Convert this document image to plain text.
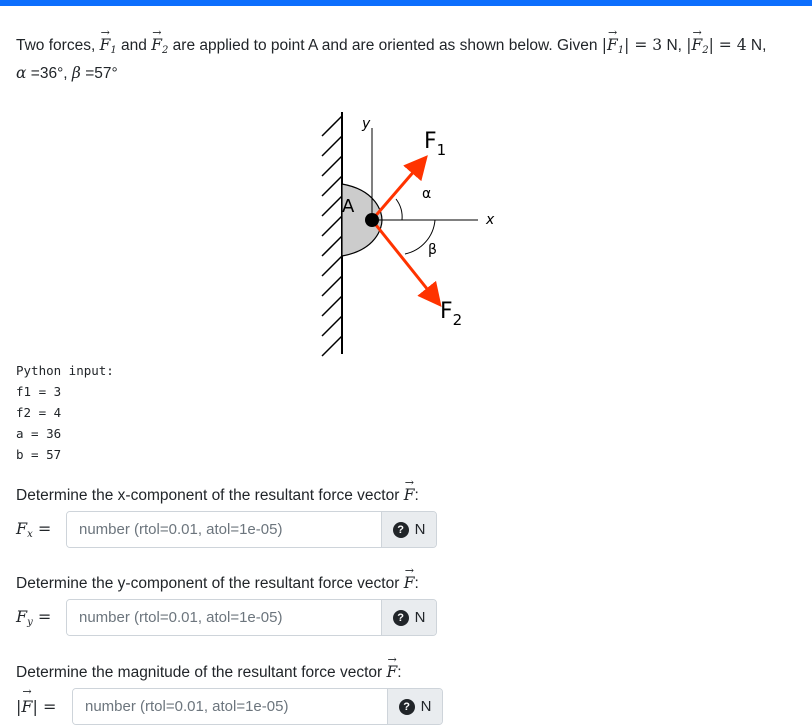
Two forces, → $F_1$ and → $F_2$ are applied to point A and are oriented as shown below. Given |→ $F_1| = 3$ N, |→ $F_2| = 4$ N,
α =36°, β =57°
y
x
α
β
A
$F_1$
$F_2$
Python input:
f1 = 3
f2 = 4
a = 36
b = 57
Determine the x-component of the resultant force vector → F:
$F_x$ =
number (rtol=0.01, atol=1e-05)	? N
Determine the y-component of the resultant force vector → F:
$F_y$ =
number (rtol=0.01, atol=1e-05)	? N
Determine the magnitude of the resultant force vector → F:
|→ F| =
number (rtol=0.01, atol=1e-05)	? N
